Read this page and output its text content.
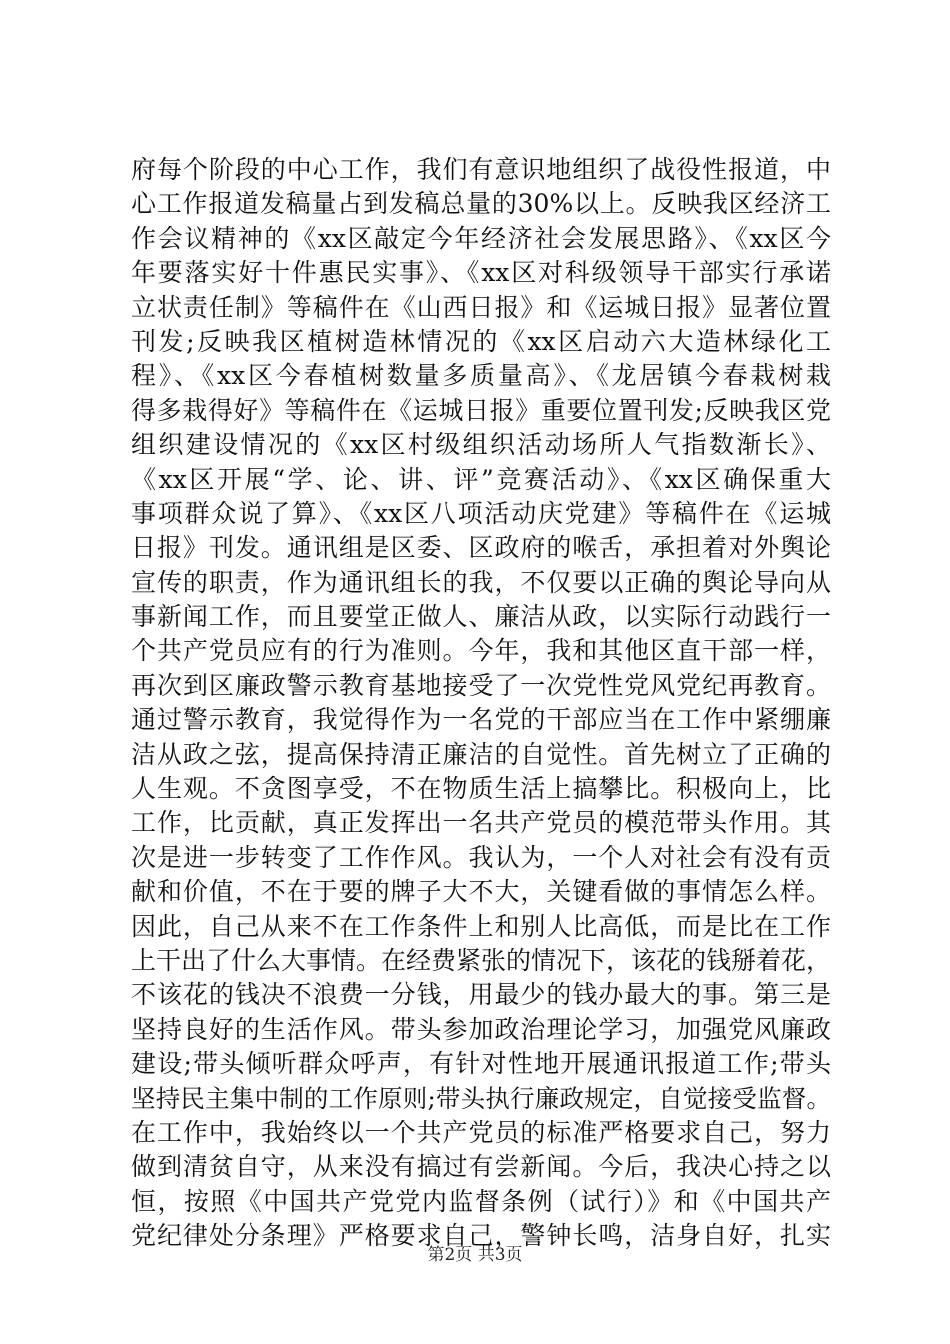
府每个阶段的中心工作，我们有意识地组织了战役性报道，中
心工作报道发稿量占到发稿总量的30%以上。反映我区经济工
作会议精神的《xx区敲定今年经济社会发展思路》、《xx区今
年要落实好十件惠民实事》、《xx区对科级领导干部实行承诺
立状责任制》等稿件在《山西日报》和《运城日报》显著位置
刊发;反映我区植树造林情况的《xx区启动六大造林绿化工
程》、《xx区今春植树数量多质量高》、《龙居镇今春栽树栽
得多栽得好》等稿件在《运城日报》重要位置刊发;反映我区党
组织建设情况的《xx区村级组织活动场所人气指数渐长》、
《xx区开展“学、论、讲、评”竞赛活动》、《xx区确保重大
事项群众说了算》、《xx区八项活动庆党建》等稿件在《运城
日报》刊发。通讯组是区委、区政府的喉舌，承担着对外舆论
宣传的职责，作为通讯组长的我，不仅要以正确的舆论导向从
事新闻工作，而且要堂正做人、廉洁从政，以实际行动践行一
个共产党员应有的行为准则。今年，我和其他区直干部一样，
再次到区廉政警示教育基地接受了一次党性党风党纪再教育。
通过警示教育，我觉得作为一名党的干部应当在工作中紧绷廉
洁从政之弦，提高保持清正廉洁的自觉性。首先树立了正确的
人生观。不贪图享受，不在物质生活上搞攀比。积极向上，比
工作，比贡献，真正发挥出一名共产党员的模范带头作用。其
次是进一步转变了工作作风。我认为，一个人对社会有没有贡
献和价值，不在于要的牌子大不大，关键看做的事情怎么样。
因此，自己从来不在工作条件上和别人比高低，而是比在工作
上干出了什么大事情。在经费紧张的情况下，该花的钱掰着花，
不该花的钱决不浪费一分钱，用最少的钱办最大的事。第三是
坚持良好的生活作风。带头参加政治理论学习，加强党风廉政
建设;带头倾听群众呼声，有针对性地开展通讯报道工作;带头
坚持民主集中制的工作原则;带头执行廉政规定，自觉接受监督。
在工作中，我始终以一个共产党员的标准严格要求自己，努力
做到清贫自守，从来没有搞过有尝新闻。今后，我决心持之以
恒，按照《中国共产党党内监督条例（试行）》和《中国共产
党纪律处分条理》严格要求自己，警钟长鸣，洁身自好，扎实
第2页 共3页
